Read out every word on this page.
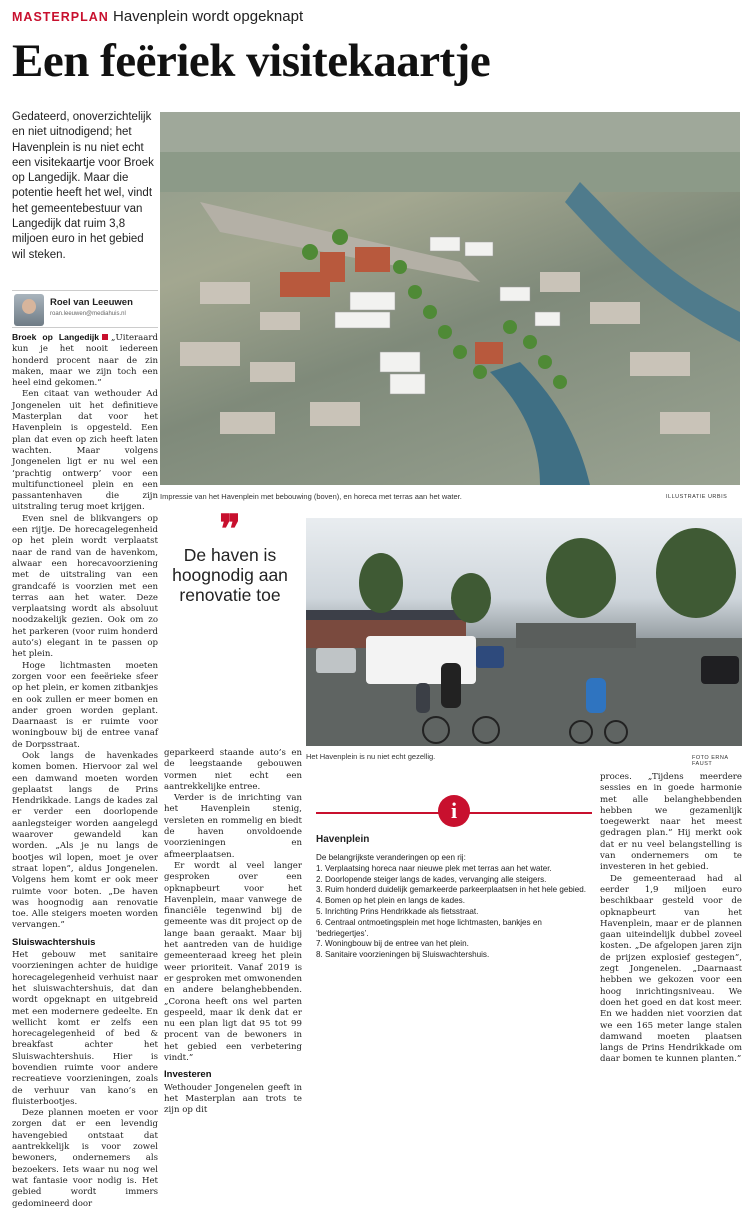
MASTERPLAN Havenplein wordt opgeknapt
Een feëriek visitekaartje
Gedateerd, onoverzichtelijk en niet uitnodigend; het Havenplein is nu niet echt een visitekaartje voor Broek op Langedijk. Maar die potentie heeft het wel, vindt het gemeentebestuur van Langedijk dat ruim 3,8 miljoen euro in het gebied wil steken.
Roel van Leeuwen
roan.leeuwen@mediahuis.nl

Broek op Langedijk „Uiteraard kun je het nooit iedereen honderd procent naar de zin maken, maar we zijn toch een heel eind gekomen.”

Een citaat van wethouder Ad Jongenelen uit het definitieve Masterplan dat voor het Havenplein is opgesteld. Een plan dat even op zich heeft laten wachten. Maar volgens Jongenelen ligt er nu wel een ‘prachtig ontwerp’ voor een multifunctioneel plein en een passantenhaven die zijn uitstraling terug moet krijgen.

Even snel de blikvangers op een rijtje. De horecagelegenheid op het plein wordt verplaatst naar de rand van de havenkom, alwaar een horecavoorziening met de uitstraling van een grandcafé is voorzien met een terras aan het water. Deze verplaatsing wordt als absoluut noodzakelijk gezien. Ook om zo het parkeren (voor ruim honderd auto’s) elegant in te passen op het plein.

Hoge lichtmasten moeten zorgen voor een feeërieke sfeer op het plein, er komen zitbankjes en ook zullen er meer bomen en ander groen worden geplant. Daarnaast is er ruimte voor woningbouw bij de entree vanaf de Dorpsstraat.

Ook langs de havenkades komen bomen. Hiervoor zal wel een damwand moeten worden geplaatst langs de Prins Hendrikkade. Langs de kades zal er verder een doorlopende aanlegsteiger worden aangelegd waarover gewandeld kan worden. „Als je nu langs de bootjes wil lopen, moet je over straat lopen”, aldus Jongenelen. Volgens hem komt er ook meer ruimte voor boten. „De haven was hoognodig aan renovatie toe. Alle steigers moeten worden vervangen.”

Sluiswachtershuis

Het gebouw met sanitaire voorzieningen achter de huidige horecagelegenheid verhuist naar het sluiswachtershuis, dat dan wordt opgeknapt en uitgebreid met een modernere gedeelte. En wellicht komt er zelfs een horecagelegenheid of bed & breakfast achter het Sluiswachtershuis. Hier is bovendien ruimte voor andere recreatieve voorzieningen, zoals de verhuur van kano’s en fluisterbootjes.

Deze plannen moeten er voor zorgen dat er een levendig havengebied ontstaat dat aantrekkelijk is voor zowel bewoners, ondernemers als bezoekers. Iets waar nu nog wel wat fantasie voor nodig is. Het gebied wordt immers gedomineerd door

Impressie van het Havenplein met bebouwing (boven), en horeca met terras aan het water.	ILLUSTRATIE URBIS
❞
De haven is hoognodig aan renovatie toe
Het Havenplein is nu niet echt gezellig.	FOTO ERNA FAUST

geparkeerd staande auto’s en de leegstaande gebouwen vormen niet echt een aantrekkelijke entree.

Verder is de inrichting van het Havenplein stenig, versleten en rommelig en biedt de haven onvoldoende voorzieningen en afmeerplaatsen.

Er wordt al veel langer gesproken over een opknapbeurt voor het Havenplein, maar vanwege de financiële tegenwind bij de gemeente was dit project op de lange baan geraakt. Maar bij het aantreden van de huidige gemeenteraad kreeg het plein weer prioriteit. Vanaf 2019 is er gesproken met omwonenden en andere belanghebbenden. „Corona heeft ons wel parten gespeeld, maar ik denk dat er nu een plan ligt dat 95 tot 99 procent van de bewoners in het gebied een verbetering vindt.”

Investeren

Wethouder Jongenelen geeft in het Masterplan aan trots te zijn op dit

i
Havenplein
De belangrijkste veranderingen op een rij:
1. Verplaatsing horeca naar nieuwe plek met terras aan het water.
2. Doorlopende steiger langs de kades, vervanging alle steigers.
3. Ruim honderd duidelijk gemarkeerde parkeerplaatsen in het hele gebied.
4. Bomen op het plein en langs de kades.
5. Inrichting Prins Hendrikkade als fietsstraat.
6. Centraal ontmoetingsplein met hoge lichtmasten, bankjes en ‘bedriegertjes’.
7. Woningbouw bij de entree van het plein.
8. Sanitaire voorzieningen bij Sluiswachtershuis.

proces. „Tijdens meerdere sessies en in goede harmonie met alle belanghebbenden hebben we gezamenlijk toegewerkt naar het meest gedragen plan.” Hij merkt ook dat er nu veel belangstelling is van ondernemers om te investeren in het gebied.

De gemeenteraad had al eerder 1,9 miljoen euro beschikbaar gesteld voor de opknapbeurt van het Havenplein, maar er de plannen gaan uiteindelijk dubbel zoveel kosten. „De afgelopen jaren zijn de prijzen explosief gestegen”, zegt Jongenelen. „Daarnaast hebben we gekozen voor een hoog inrichtingsniveau. We doen het goed en dat kost meer. En we hadden niet voorzien dat we een 165 meter lange stalen damwand moeten plaatsen langs de Prins Hendrikkade om daar bomen te kunnen planten.”
